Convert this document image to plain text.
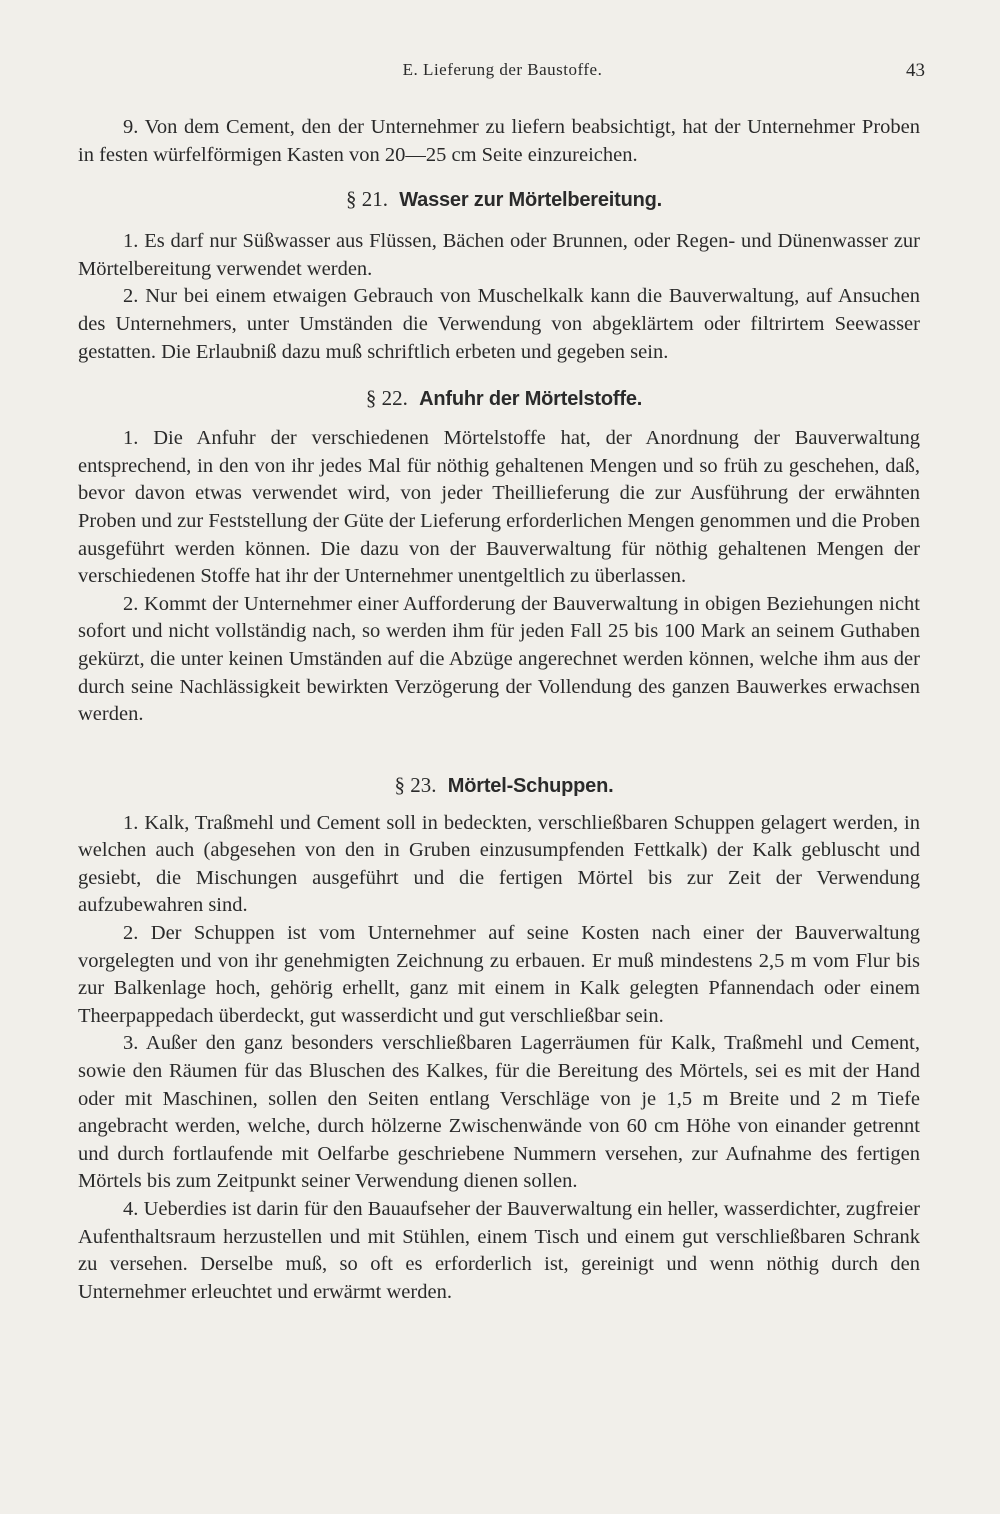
E. Lieferung der Baustoffe.	43

9. Von dem Cement, den der Unternehmer zu liefern beabsichtigt, hat der Unternehmer Proben in festen würfelförmigen Kasten von 20—25 cm Seite einzureichen.

§ 21. Wasser zur Mörtelbereitung.

1. Es darf nur Süßwasser aus Flüssen, Bächen oder Brunnen, oder Regen- und Dünenwasser zur Mörtelbereitung verwendet werden.

2. Nur bei einem etwaigen Gebrauch von Muschelkalk kann die Bauverwaltung, auf Ansuchen des Unternehmers, unter Umständen die Verwendung von abgeklärtem oder filtrirtem Seewasser gestatten. Die Erlaubniß dazu muß schriftlich erbeten und gegeben sein.

§ 22. Anfuhr der Mörtelstoffe.

1. Die Anfuhr der verschiedenen Mörtelstoffe hat, der Anordnung der Bauverwaltung entsprechend, in den von ihr jedes Mal für nöthig gehaltenen Mengen und so früh zu geschehen, daß, bevor davon etwas verwendet wird, von jeder Theillieferung die zur Ausführung der erwähnten Proben und zur Feststellung der Güte der Lieferung erforderlichen Mengen genommen und die Proben ausgeführt werden können. Die dazu von der Bauverwaltung für nöthig gehaltenen Mengen der verschiedenen Stoffe hat ihr der Unternehmer unentgeltlich zu überlassen.

2. Kommt der Unternehmer einer Aufforderung der Bauverwaltung in obigen Beziehungen nicht sofort und nicht vollständig nach, so werden ihm für jeden Fall 25 bis 100 Mark an seinem Guthaben gekürzt, die unter keinen Umständen auf die Abzüge angerechnet werden können, welche ihm aus der durch seine Nachlässigkeit bewirkten Verzögerung der Vollendung des ganzen Bauwerkes erwachsen werden.

§ 23. Mörtel-Schuppen.

1. Kalk, Traßmehl und Cement soll in bedeckten, verschließbaren Schuppen gelagert werden, in welchen auch (abgesehen von den in Gruben einzusumpfenden Fettkalk) der Kalk gebluscht und gesiebt, die Mischungen ausgeführt und die fertigen Mörtel bis zur Zeit der Verwendung aufzubewahren sind.

2. Der Schuppen ist vom Unternehmer auf seine Kosten nach einer der Bauverwaltung vorgelegten und von ihr genehmigten Zeichnung zu erbauen. Er muß mindestens 2,5 m vom Flur bis zur Balkenlage hoch, gehörig erhellt, ganz mit einem in Kalk gelegten Pfannendach oder einem Theerpappedach überdeckt, gut wasserdicht und gut verschließbar sein.

3. Außer den ganz besonders verschließbaren Lagerräumen für Kalk, Traßmehl und Cement, sowie den Räumen für das Bluschen des Kalkes, für die Bereitung des Mörtels, sei es mit der Hand oder mit Maschinen, sollen den Seiten entlang Verschläge von je 1,5 m Breite und 2 m Tiefe angebracht werden, welche, durch hölzerne Zwischenwände von 60 cm Höhe von einander getrennt und durch fortlaufende mit Oelfarbe geschriebene Nummern versehen, zur Aufnahme des fertigen Mörtels bis zum Zeitpunkt seiner Verwendung dienen sollen.

4. Ueberdies ist darin für den Bauaufseher der Bauverwaltung ein heller, wasserdichter, zugfreier Aufenthaltsraum herzustellen und mit Stühlen, einem Tisch und einem gut verschließbaren Schrank zu versehen. Derselbe muß, so oft es erforderlich ist, gereinigt und wenn nöthig durch den Unternehmer erleuchtet und erwärmt werden.
